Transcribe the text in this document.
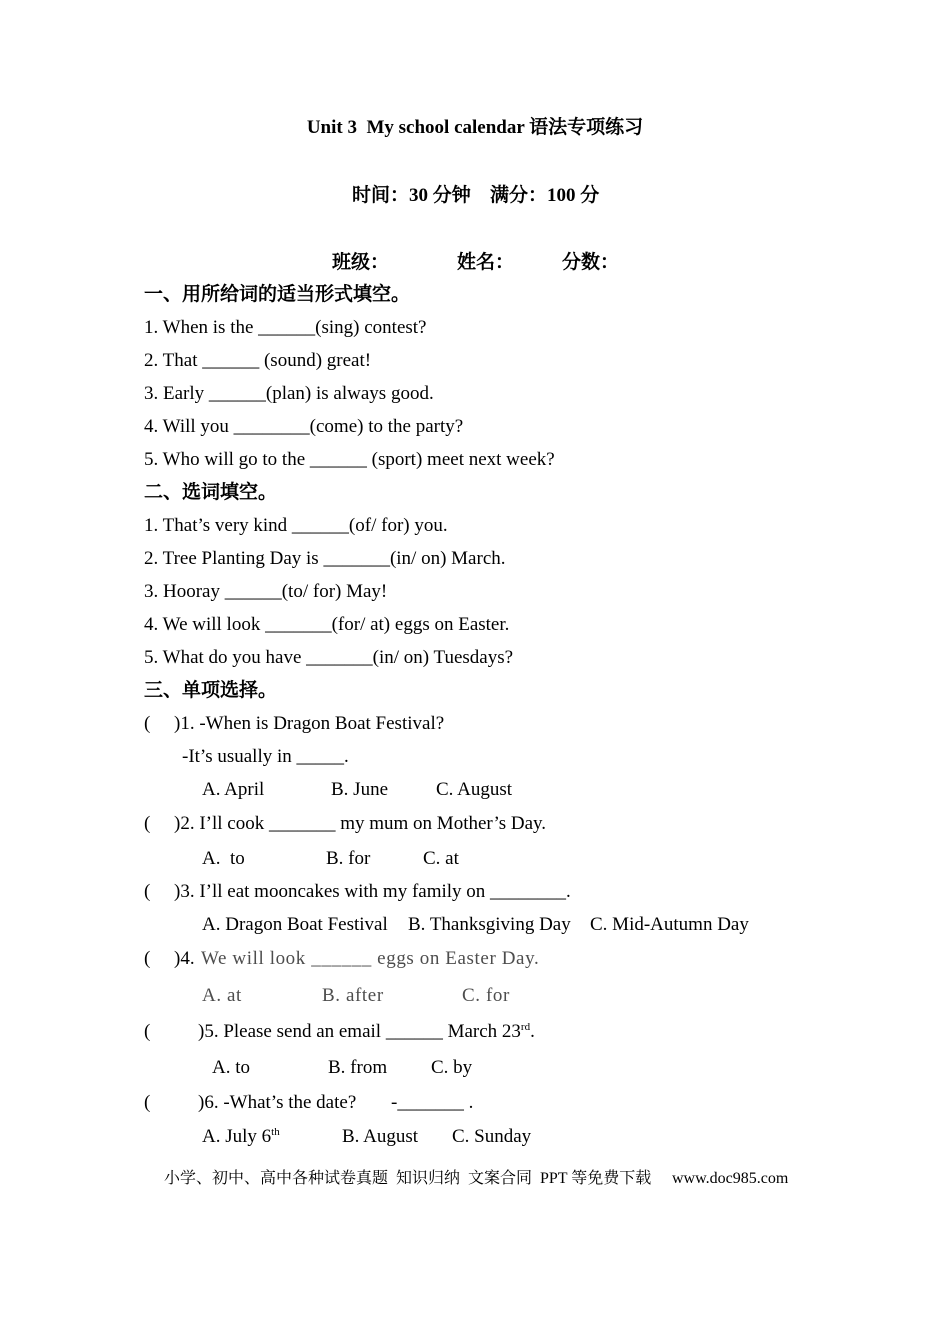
Unit 3  My school calendar 语法专项练习
时间：30 分钟 满分：100 分
班级：	姓名：	分数：
一、用所给词的适当形式填空。
1. When is the ______(sing) contest?
2. That ______ (sound) great!
3. Early ______(plan) is always good.
4. Will you ________(come) to the party?
5. Who will go to the ______ (sport) meet next week?
二、选词填空。
1. That’s very kind ______(of/ for) you.
2. Tree Planting Day is _______(in/ on) March.
3. Hooray ______(to/ for) May!
4. We will look _______(for/ at) eggs on Easter.
5. What do you have _______(in/ on) Tuesdays?
三、单项选择。
( )1. -When is Dragon Boat Festival?
-It’s usually in _____.
A. April	B. June	C. August
( )2. I’ll cook _______ my mum on Mother’s Day.
A.  to	B. for	C. at
( )3. I’ll eat mooncakes with my family on ________.
A. Dragon Boat Festival B. Thanksgiving Day C. Mid-Autumn Day
( )4. We will look ______ eggs on Easter Day.
A. at	B. after	C. for
(	)5. Please send an email ______ March 23rd.
A. to	B. from C. by
(	)6. -What’s the date? -_______ .
A. July 6th	B. August C. Sunday
小学、初中、高中各种试卷真题  知识归纳  文案合同  PPT 等免费下载 www.doc985.com
